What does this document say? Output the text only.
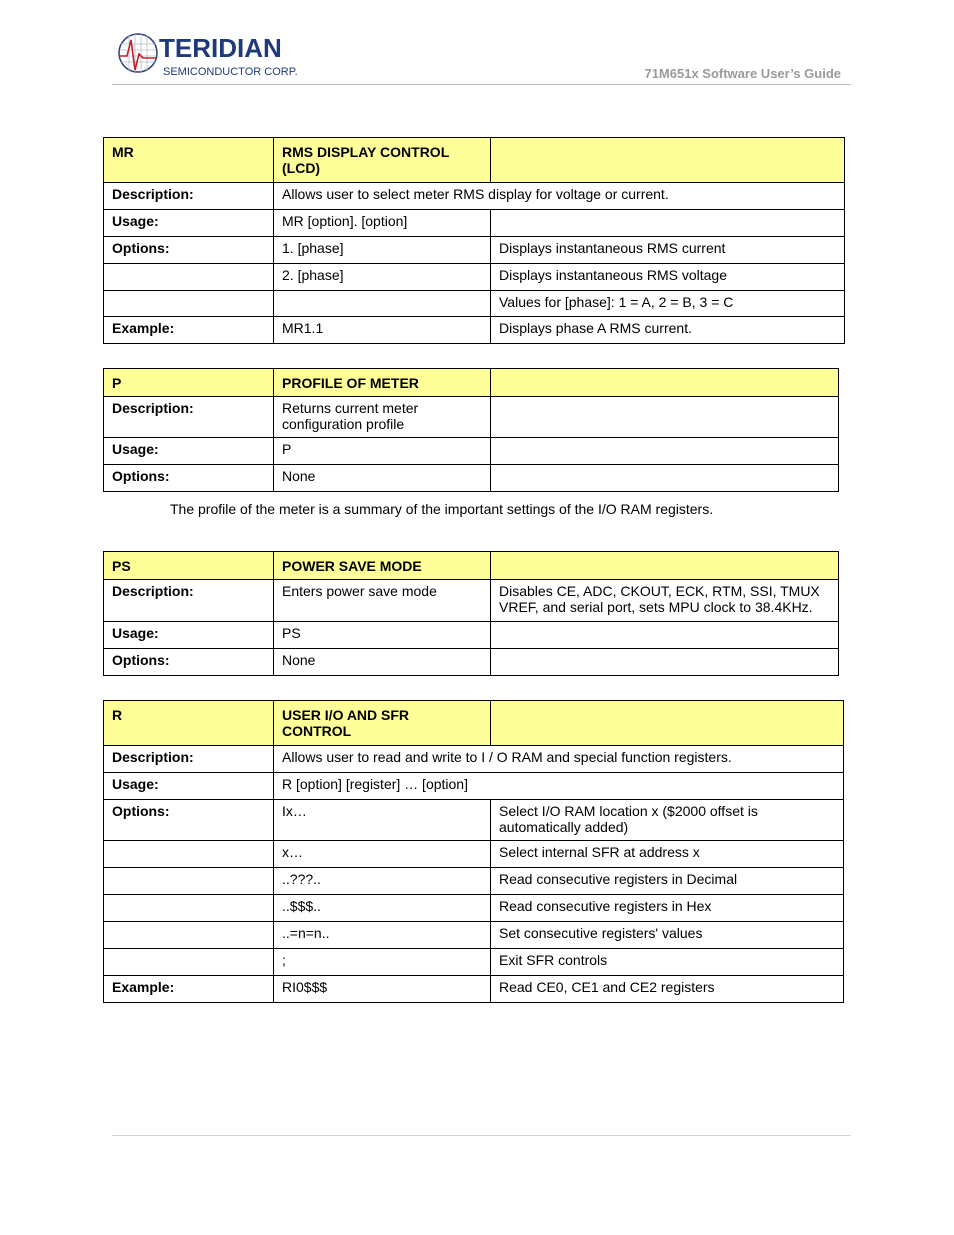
TERIDIAN
SEMICONDUCTOR CORP.	71M651x Software User’s Guide
MR	RMS DISPLAY CONTROL (LCD)	
Description:	Allows user to select meter RMS display for voltage or current.	
Usage:	MR [option]. [option]	
Options:	1. [phase]	Displays instantaneous RMS current
	2. [phase]	Displays instantaneous RMS voltage
		Values for [phase]: 1 = A, 2 = B, 3 = C
Example:	MR1.1	Displays phase A RMS current.
P	PROFILE OF METER	
Description:	Returns current meter configuration profile	
Usage:	P	
Options:	None	
The profile of the meter is a summary of the important settings of the I/O RAM registers.
PS	POWER SAVE MODE	
Description:	Enters power save mode	Disables CE, ADC, CKOUT, ECK, RTM, SSI, TMUX VREF, and serial port, sets MPU clock to 38.4KHz.
Usage:	PS	
Options:	None	
R	USER I/O AND SFR CONTROL	
Description:	Allows user to read and write to I / O RAM and special function registers.	
Usage:	R [option] [register] … [option]	
Options:	Ix…	Select I/O RAM location x ($2000 offset is automatically added)
	x…	Select internal SFR at address x
	..???..	Read consecutive registers in Decimal
	..$$$..	Read consecutive registers in Hex
	..=n=n..	Set consecutive registers' values
	;	Exit SFR controls
Example:	RI0$$$	Read CE0, CE1 and CE2 registers
